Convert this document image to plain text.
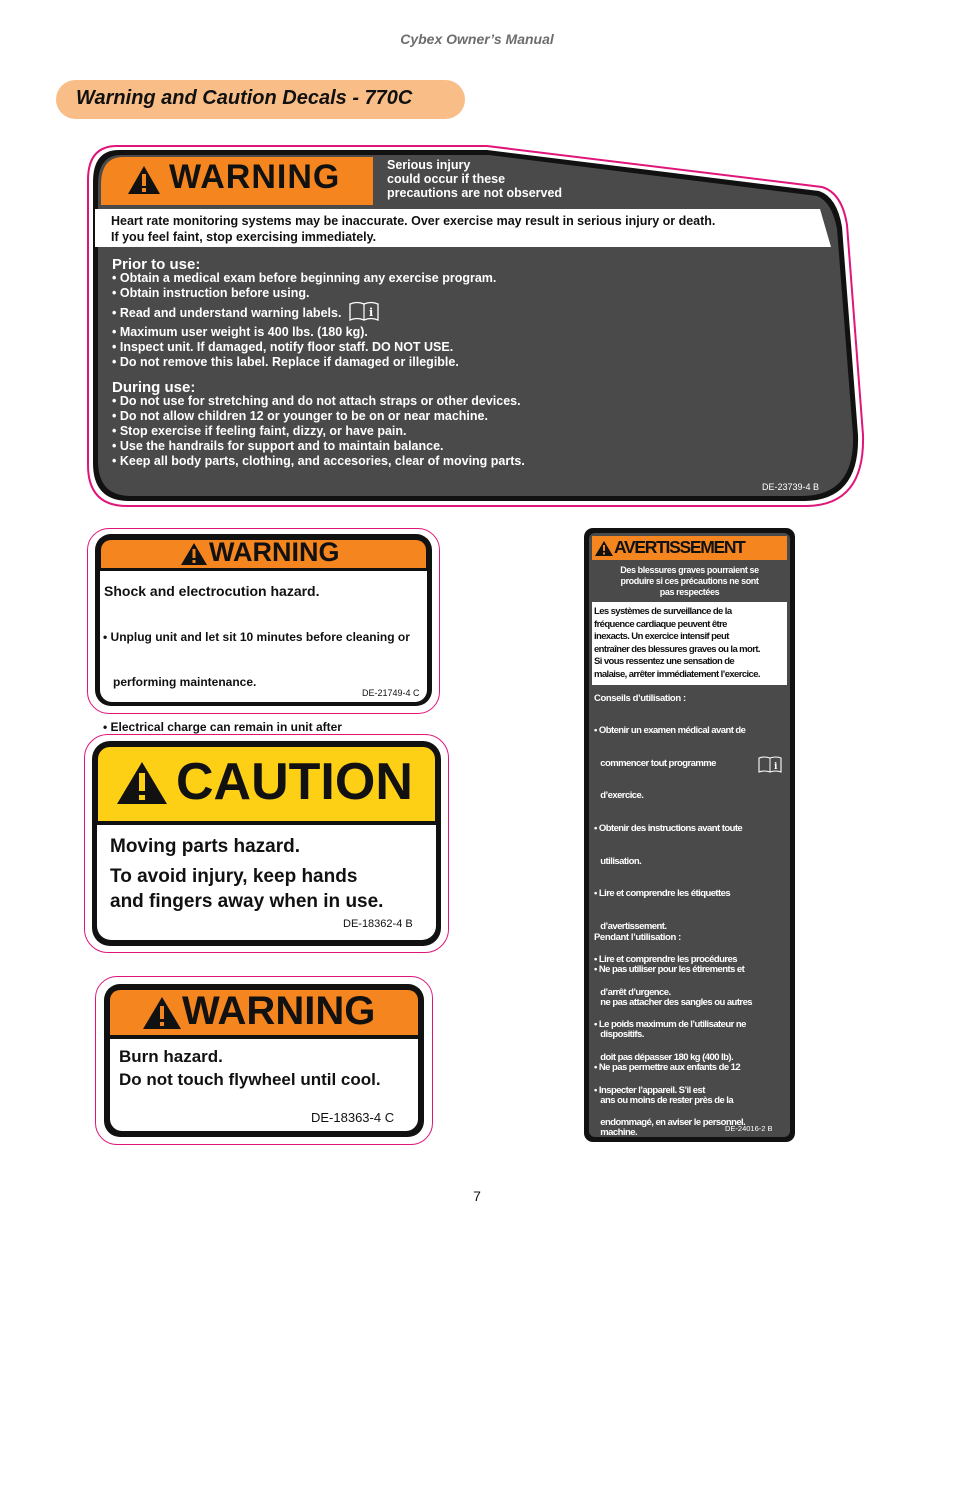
Cybex Owner’s Manual
Warning and Caution Decals - 770C
WARNING	Serious injury
could occur if these
precautions are not observed
Heart rate monitoring systems may be inaccurate. Over exercise may result in serious injury or death.
If you feel faint, stop exercising immediately.
Prior to use:
• Obtain a medical exam before beginning any exercise program.
• Obtain instruction before using.
• Read and understand warning labels. i
• Maximum user weight is 400 lbs. (180 kg).
• Inspect unit. If damaged, notify floor staff. DO NOT USE.
• Do not remove this label. Replace if damaged or illegible.
During use:
• Do not use for stretching and do not attach straps or other devices.
• Do not allow children 12 or younger to be on or near machine.
• Stop exercise if feeling faint, dizzy, or have pain.
• Use the handrails for support and to maintain balance.
• Keep all body parts, clothing, and accesories, clear of moving parts.
DE-23739-4 B
WARNING
Shock and electrocution hazard.

• Unplug unit and let sit 10 minutes before cleaning or

performing maintenance.

• Electrical charge can remain in unit after

DE-21749-4 C
CAUTION
Moving parts hazard.
To avoid injury, keep hands
and fingers away when in use.
DE-18362-4 B
WARNING
Burn hazard.
Do not touch flywheel until cool.
DE-18363-4 C
AVERTISSEMENT
Des blessures graves pourraient se
produire si ces précautions ne sont
pas respectées
Les systèmes de surveillance de la
fréquence cardiaque peuvent être
inexacts. Un exercice intensif peut
entraîner des blessures graves ou la mort.
Si vous ressentez une sensation de
malaise, arrêter immédiatement l’exercice.
Conseils d’utilisation :

• Obtenir un examen médical avant de

commencer tout programme

d’exercice.

• Obtenir des instructions avant toute

utilisation.

• Lire et comprendre les étiquettes

d’avertissement.

• Lire et comprendre les procédures

d’arrêt d’urgence.

• Le poids maximum de l’utilisateur ne

doit pas dépasser 180 kg (400 lb).

• Inspecter l’appareil. S’il est

endommagé, en aviser le personnel.

NE PAS UTILISER.

• Placer vos pieds sur les deux

premières marches lors du démarrage

ou de l’arrêt du tapis roulant.

• Clip E-STOP lanière aux vêtements.

• Ne pas enlever cette étiquette.

Remplacer si endommagé ou illisible.

i
Pendant l’utilisation :

• Ne pas utiliser pour les étirements et

ne pas attacher des sangles ou autres

dispositifs.

• Ne pas permettre aux enfants de 12

ans ou moins de rester près de la

machine.

• Arrêter l’exercice si vous ressentez une

faiblesse, un étourdissement ou une

douleur.

• Utiliser des rampes de soutien pour

maintenir l’équilibre.

• Garder votre corps, vos vêtements et

vos accessoires éloignés des pièces

mobiles.

• Attendre l’arrêt complet de la bande de

roulement avant de descendre.

DE-24016-2 B
7
